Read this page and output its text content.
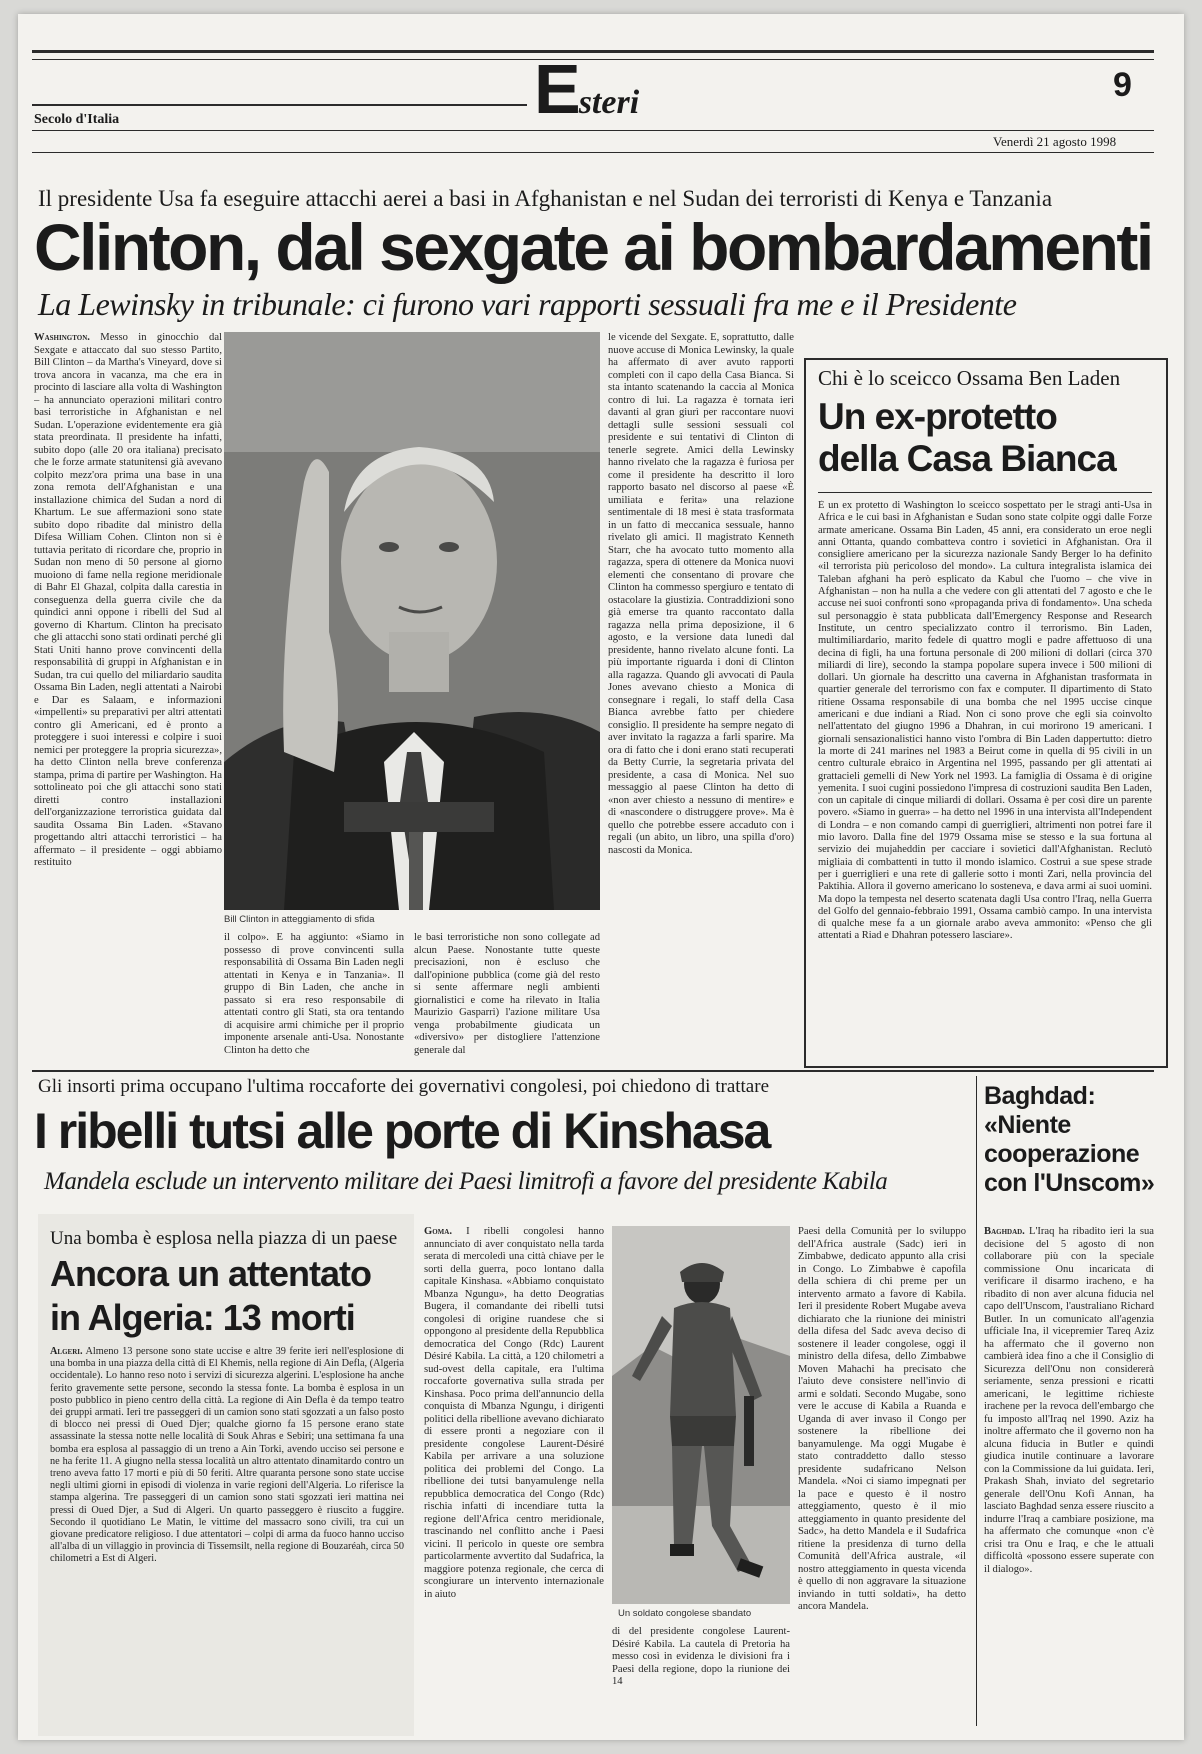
Esteri	9
Secolo d'Italia
Venerdì 21 agosto 1998
Il presidente Usa fa eseguire attacchi aerei a basi in Afghanistan e nel Sudan dei terroristi di Kenya e Tanzania
Clinton, dal sexgate ai bombardamenti
La Lewinsky in tribunale: ci furono vari rapporti sessuali fra me e il Presidente

Washington. Messo in ginocchio dal Sexgate e attaccato dal suo stesso Partito, Bill Clinton – da Martha's Vineyard, dove si trova ancora in vacanza, ma che era in procinto di lasciare alla volta di Washington – ha annunciato operazioni militari contro basi terroristiche in Afghanistan e nel Sudan. L'operazione evidentemente era già stata preordinata. Il presidente ha infatti, subito dopo (alle 20 ora italiana) precisato che le forze armate statunitensi già avevano colpito mezz'ora prima una base in una zona remota dell'Afghanistan e una installazione chimica del Sudan a nord di Khartum. Le sue affermazioni sono state subito dopo ribadite dal ministro della Difesa William Cohen. Clinton non si è tuttavia peritato di ricordare che, proprio in Sudan non meno di 50 persone al giorno muoiono di fame nella regione meridionale di Bahr El Ghazal, colpita dalla carestia in conseguenza della guerra civile che da quindici anni oppone i ribelli del Sud al governo di Khartum. Clinton ha precisato che gli attacchi sono stati ordinati perché gli Stati Uniti hanno prove convincenti della responsabilità di gruppi in Afghanistan e in Sudan, tra cui quello del miliardario saudita Ossama Bin Laden, negli attentati a Nairobi e Dar es Salaam, e informazioni «impellenti» su preparativi per altri attentati contro gli Americani, ed è pronto a proteggere i suoi interessi e colpire i suoi nemici per proteggere la propria sicurezza», ha detto Clinton nella breve conferenza stampa, prima di partire per Washington. Ha sottolineato poi che gli attacchi sono stati diretti contro installazioni dell'organizzazione terroristica guidata dal saudita Ossama Bin Laden. «Stavano progettando altri attacchi terroristici – ha affermato – il presidente – oggi abbiamo restituito

Bill Clinton in atteggiamento di sfida

il colpo». E ha aggiunto: «Siamo in possesso di prove convincenti sulla responsabilità di Ossama Bin Laden negli attentati in Kenya e in Tanzania». Il gruppo di Bin Laden, che anche in passato si era reso responsabile di attentati contro gli Stati, sta ora tentando di acquisire armi chimiche per il proprio imponente arsenale anti-Usa. Nonostante Clinton ha detto che

le basi terroristiche non sono collegate ad alcun Paese. Nonostante tutte queste precisazioni, non è escluso che dall'opinione pubblica (come già del resto si sente affermare negli ambienti giornalistici e come ha rilevato in Italia Maurizio Gasparri) l'azione militare Usa venga probabilmente giudicata un «diversivo» per distogliere l'attenzione generale dal

le vicende del Sexgate. E, soprattutto, dalle nuove accuse di Monica Lewinsky, la quale ha affermato di aver avuto rapporti completi con il capo della Casa Bianca. Si sta intanto scatenando la caccia al Monica contro di lui. La ragazza è tornata ieri davanti al gran giurì per raccontare nuovi dettagli sulle sessioni sessuali col presidente e sui tentativi di Clinton di tenerle segrete. Amici della Lewinsky hanno rivelato che la ragazza è furiosa per come il presidente ha descritto il loro rapporto basato nel discorso al paese «È umiliata e ferita» una relazione sentimentale di 18 mesi è stata trasformata in un fatto di meccanica sessuale, hanno rivelato gli amici. Il magistrato Kenneth Starr, che ha avocato tutto momento alla ragazza, spera di ottenere da Monica nuovi elementi che consentano di provare che Clinton ha commesso spergiuro e tentato di ostacolare la giustizia. Contraddizioni sono già emerse tra quanto raccontato dalla ragazza nella prima deposizione, il 6 agosto, e la versione data lunedì dal presidente, hanno rivelato alcune fonti. La più importante riguarda i doni di Clinton alla ragazza. Quando gli avvocati di Paula Jones avevano chiesto a Monica di consegnare i regali, lo staff della Casa Bianca avrebbe fatto per chiedere consiglio. Il presidente ha sempre negato di aver invitato la ragazza a farli sparire. Ma ora di fatto che i doni erano stati recuperati da Betty Currie, la segretaria privata del presidente, a casa di Monica. Nel suo messaggio al paese Clinton ha detto di «non aver chiesto a nessuno di mentire» e di «nascondere o distruggere prove». Ma è quello che potrebbe essere accaduto con i regali (un abito, un libro, una spilla d'oro) nascosti da Monica.

Chi è lo sceicco Ossama Ben Laden
Un ex-protetto
della Casa Bianca

È un ex protetto di Washington lo sceicco sospettato per le stragi anti-Usa in Africa e le cui basi in Afghanistan e Sudan sono state colpite oggi dalle Forze armate americane. Ossama Bin Laden, 45 anni, era considerato un eroe negli anni Ottanta, quando combatteva contro i sovietici in Afghanistan. Ora il consigliere americano per la sicurezza nazionale Sandy Berger lo ha definito «il terrorista più pericoloso del mondo». La cultura integralista islamica dei Taleban afghani ha però esplicato da Kabul che l'uomo – che vive in Afghanistan – non ha nulla a che vedere con gli attentati del 7 agosto e che le accuse nei suoi confronti sono «propaganda priva di fondamento». Una scheda sul personaggio è stata pubblicata dall'Emergency Response and Research Institute, un centro specializzato contro il terrorismo. Bin Laden, multimiliardario, marito fedele di quattro mogli e padre affettuoso di una decina di figli, ha una fortuna personale di 200 milioni di dollari (circa 370 miliardi di lire), secondo la stampa popolare supera invece i 500 milioni di dollari. Un giornale ha descritto una caverna in Afghanistan trasformata in quartier generale del terrorismo con fax e computer. Il dipartimento di Stato ritiene Ossama responsabile di una bomba che nel 1995 uccise cinque americani e due indiani a Riad. Non ci sono prove che egli sia coinvolto nell'attentato del giugno 1996 a Dhahran, in cui morirono 19 americani. I giornali sensazionalistici hanno visto l'ombra di Bin Laden dappertutto: dietro la morte di 241 marines nel 1983 a Beirut come in quella di 95 civili in un centro culturale ebraico in Argentina nel 1995, passando per gli attentati ai grattacieli gemelli di New York nel 1993. La famiglia di Ossama è di origine yemenita. I suoi cugini possiedono l'impresa di costruzioni saudita Ben Laden, con un capitale di cinque miliardi di dollari. Ossama è per così dire un parente povero. «Siamo in guerra» – ha detto nel 1996 in una intervista all'Independent di Londra – e non comando campi di guerriglieri, altrimenti non potrei fare il mio lavoro. Dalla fine del 1979 Ossama mise se stesso e la sua fortuna al servizio dei mujaheddin per cacciare i sovietici dall'Afghanistan. Reclutò migliaia di combattenti in tutto il mondo islamico. Costruì a sue spese strade per i guerriglieri e una rete di gallerie sotto i monti Zari, nella provincia del Paktihia. Allora il governo americano lo sosteneva, e dava armi ai suoi uomini. Ma dopo la tempesta nel deserto scatenata dagli Usa contro l'Iraq, nella Guerra del Golfo del gennaio-febbraio 1991, Ossama cambiò campo. In una intervista di qualche mese fa a un giornale arabo aveva ammonito: «Penso che gli attentati a Riad e Dhahran potessero lasciare».

Gli insorti prima occupano l'ultima roccaforte dei governativi congolesi, poi chiedono di trattare
I ribelli tutsi alle porte di Kinshasa
Mandela esclude un intervento militare dei Paesi limitrofi a favore del presidente Kabila
Una bomba è esplosa nella piazza di un paese
Ancora un attentato
in Algeria: 13 morti

Algeri. Almeno 13 persone sono state uccise e altre 39 ferite ieri nell'esplosione di una bomba in una piazza della città di El Khemis, nella regione di Ain Defla, (Algeria occidentale). Lo hanno reso noto i servizi di sicurezza algerini. L'esplosione ha anche ferito gravemente sette persone, secondo la stessa fonte. La bomba è esplosa in un posto pubblico in pieno centro della città. La regione di Ain Defla è da tempo teatro dei gruppi armati. Ieri tre passeggeri di un camion sono stati sgozzati a un falso posto di blocco nei pressi di Oued Djer; qualche giorno fa 15 persone erano state assassinate la stessa notte nelle località di Souk Ahras e Sebiri; una settimana fa una bomba era esplosa al passaggio di un treno a Ain Torki, avendo ucciso sei persone e ne ha ferite 11. A giugno nella stessa località un altro attentato dinamitardo contro un treno aveva fatto 17 morti e più di 50 feriti. Altre quaranta persone sono state uccise negli ultimi giorni in episodi di violenza in varie regioni dell'Algeria. Lo riferisce la stampa algerina. Tre passeggeri di un camion sono stati sgozzati ieri mattina nei pressi di Oued Djer, a Sud di Algeri. Un quarto passeggero è riuscito a fuggire. Secondo il quotidiano Le Matin, le vittime del massacro sono civili, tra cui un giovane predicatore religioso. I due attentatori – colpi di arma da fuoco hanno ucciso all'alba di un villaggio in provincia di Tissemsilt, nella regione di Bouzaréah, circa 50 chilometri a Est di Algeri.

Goma. I ribelli congolesi hanno annunciato di aver conquistato nella tarda serata di mercoledì una città chiave per le sorti della guerra, poco lontano dalla capitale Kinshasa. «Abbiamo conquistato Mbanza Ngungu», ha detto Deogratias Bugera, il comandante dei ribelli tutsi congolesi di origine ruandese che si oppongono al presidente della Repubblica democratica del Congo (Rdc) Laurent Désiré Kabila. La città, a 120 chilometri a sud-ovest della capitale, era l'ultima roccaforte governativa sulla strada per Kinshasa. Poco prima dell'annuncio della conquista di Mbanza Ngungu, i dirigenti politici della ribellione avevano dichiarato di essere pronti a negoziare con il presidente congolese Laurent-Désiré Kabila per arrivare a una soluzione politica dei problemi del Congo. La ribellione dei tutsi banyamulenge nella repubblica democratica del Congo (Rdc) rischia infatti di incendiare tutta la regione dell'Africa centro meridionale, trascinando nel conflitto anche i Paesi vicini. Il pericolo in queste ore sembra particolarmente avvertito dal Sudafrica, la maggiore potenza regionale, che cerca di scongiurare un intervento internazionale in aiuto

Un soldato congolese sbandato

di del presidente congolese Laurent-Désiré Kabila. La cautela di Pretoria ha messo così in evidenza le divisioni fra i Paesi della regione, dopo la riunione dei 14

Paesi della Comunità per lo sviluppo dell'Africa australe (Sadc) ieri in Zimbabwe, dedicato appunto alla crisi in Congo. Lo Zimbabwe è capofila della schiera di chi preme per un intervento armato a favore di Kabila. Ieri il presidente Robert Mugabe aveva dichiarato che la riunione dei ministri della difesa del Sadc aveva deciso di sostenere il leader congolese, oggi il ministro della difesa, dello Zimbabwe Moven Mahachi ha precisato che l'aiuto deve consistere nell'invio di armi e soldati. Secondo Mugabe, sono vere le accuse di Kabila a Ruanda e Uganda di aver invaso il Congo per sostenere la ribellione dei banyamulenge. Ma oggi Mugabe è stato contraddetto dallo stesso presidente sudafricano Nelson Mandela. «Noi ci siamo impegnati per la pace e questo è il nostro atteggiamento, questo è il mio atteggiamento in quanto presidente del Sadc», ha detto Mandela e il Sudafrica ritiene la presidenza di turno della Comunità dell'Africa australe, «il nostro atteggiamento in questa vicenda è quello di non aggravare la situazione inviando in tutti soldati», ha detto ancora Mandela.

Baghdad:
«Niente
cooperazione
con l'Unscom»

Baghdad. L'Iraq ha ribadito ieri la sua decisione del 5 agosto di non collaborare più con la speciale commissione Onu incaricata di verificare il disarmo iracheno, e ha ribadito di non aver alcuna fiducia nel capo dell'Unscom, l'australiano Richard Butler. In un comunicato all'agenzia ufficiale Ina, il vicepremier Tareq Aziz ha affermato che il governo non cambierà idea fino a che il Consiglio di Sicurezza dell'Onu non considererà seriamente, senza pressioni e ricatti americani, le legittime richieste irachene per la revoca dell'embargo che fu imposto all'Iraq nel 1990. Aziz ha inoltre affermato che il governo non ha alcuna fiducia in Butler e quindi giudica inutile continuare a lavorare con la Commissione da lui guidata. Ieri, Prakash Shah, inviato del segretario generale dell'Onu Kofi Annan, ha lasciato Baghdad senza essere riuscito a indurre l'Iraq a cambiare posizione, ma ha affermato che comunque «non c'è crisi tra Onu e Iraq, e che le attuali difficoltà «possono essere superate con il dialogo».
